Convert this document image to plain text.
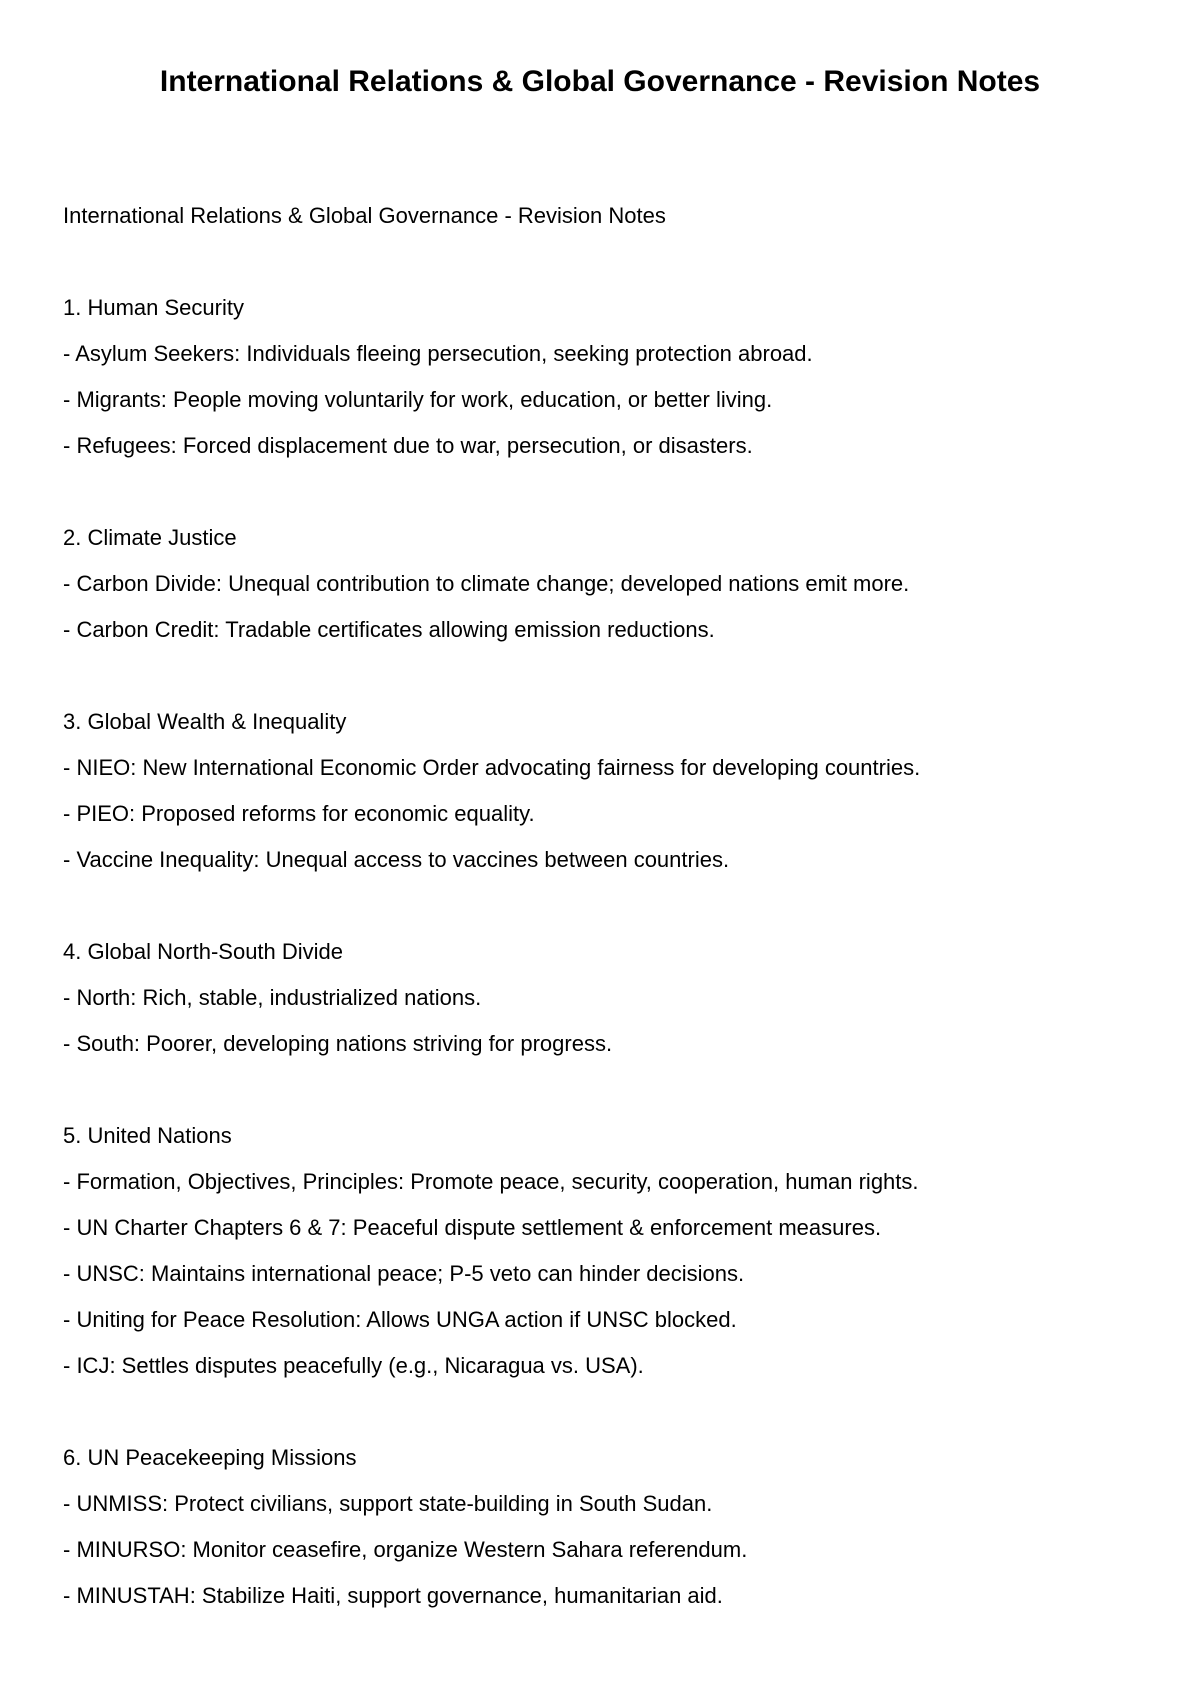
International Relations & Global Governance - Revision Notes
International Relations & Global Governance - Revision Notes
1. Human Security
- Asylum Seekers: Individuals fleeing persecution, seeking protection abroad.
- Migrants: People moving voluntarily for work, education, or better living.
- Refugees: Forced displacement due to war, persecution, or disasters.
2. Climate Justice
- Carbon Divide: Unequal contribution to climate change; developed nations emit more.
- Carbon Credit: Tradable certificates allowing emission reductions.
3. Global Wealth & Inequality
- NIEO: New International Economic Order advocating fairness for developing countries.
- PIEO: Proposed reforms for economic equality.
- Vaccine Inequality: Unequal access to vaccines between countries.
4. Global North-South Divide
- North: Rich, stable, industrialized nations.
- South: Poorer, developing nations striving for progress.
5. United Nations
- Formation, Objectives, Principles: Promote peace, security, cooperation, human rights.
- UN Charter Chapters 6 & 7: Peaceful dispute settlement & enforcement measures.
- UNSC: Maintains international peace; P-5 veto can hinder decisions.
- Uniting for Peace Resolution: Allows UNGA action if UNSC blocked.
- ICJ: Settles disputes peacefully (e.g., Nicaragua vs. USA).
6. UN Peacekeeping Missions
- UNMISS: Protect civilians, support state-building in South Sudan.
- MINURSO: Monitor ceasefire, organize Western Sahara referendum.
- MINUSTAH: Stabilize Haiti, support governance, humanitarian aid.
